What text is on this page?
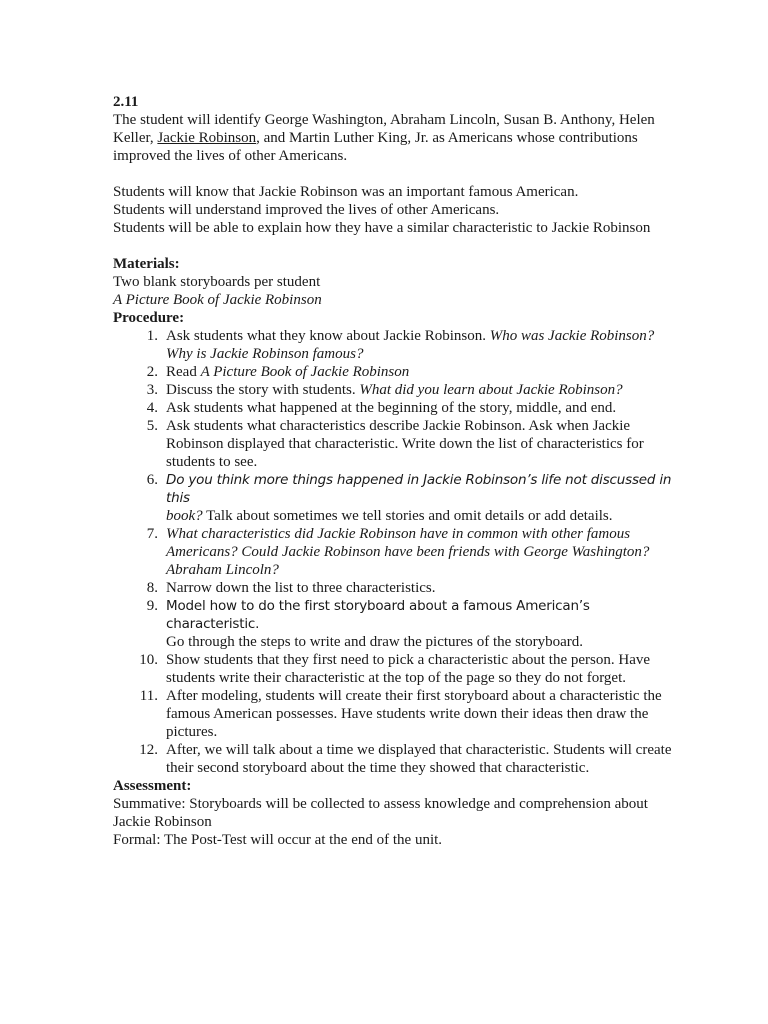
2.11

The student will identify George Washington, Abraham Lincoln, Susan B. Anthony, Helen Keller, Jackie Robinson, and Martin Luther King, Jr. as Americans whose contributions improved the lives of other Americans.

Students will know that Jackie Robinson was an important famous American.

Students will understand improved the lives of other Americans.

Students will be able to explain how they have a similar characteristic to Jackie Robinson

Materials:

Two blank storyboards per student

A Picture Book of Jackie Robinson

Procedure:

1. Ask students what they know about Jackie Robinson. Who was Jackie Robinson? Why is Jackie Robinson famous?
2. Read A Picture Book of Jackie Robinson
3. Discuss the story with students. What did you learn about Jackie Robinson?
4. Ask students what happened at the beginning of the story, middle, and end.
5. Ask students what characteristics describe Jackie Robinson. Ask when Jackie Robinson displayed that characteristic. Write down the list of characteristics for students to see.
6. Do you think more things happened in Jackie Robinson’s life not discussed in this
book? Talk about sometimes we tell stories and omit details or add details.
7. What characteristics did Jackie Robinson have in common with other famous Americans? Could Jackie Robinson have been friends with George Washington? Abraham Lincoln?
8. Narrow down the list to three characteristics.
9. Model how to do the first storyboard about a famous American’s characteristic.
Go through the steps to write and draw the pictures of the storyboard.
10. Show students that they first need to pick a characteristic about the person. Have students write their characteristic at the top of the page so they do not forget.
11. After modeling, students will create their first storyboard about a characteristic the famous American possesses. Have students write down their ideas then draw the pictures.
12. After, we will talk about a time we displayed that characteristic. Students will create their second storyboard about the time they showed that characteristic.

Assessment:

Summative: Storyboards will be collected to assess knowledge and comprehension about Jackie Robinson

Formal: The Post-Test will occur at the end of the unit.
